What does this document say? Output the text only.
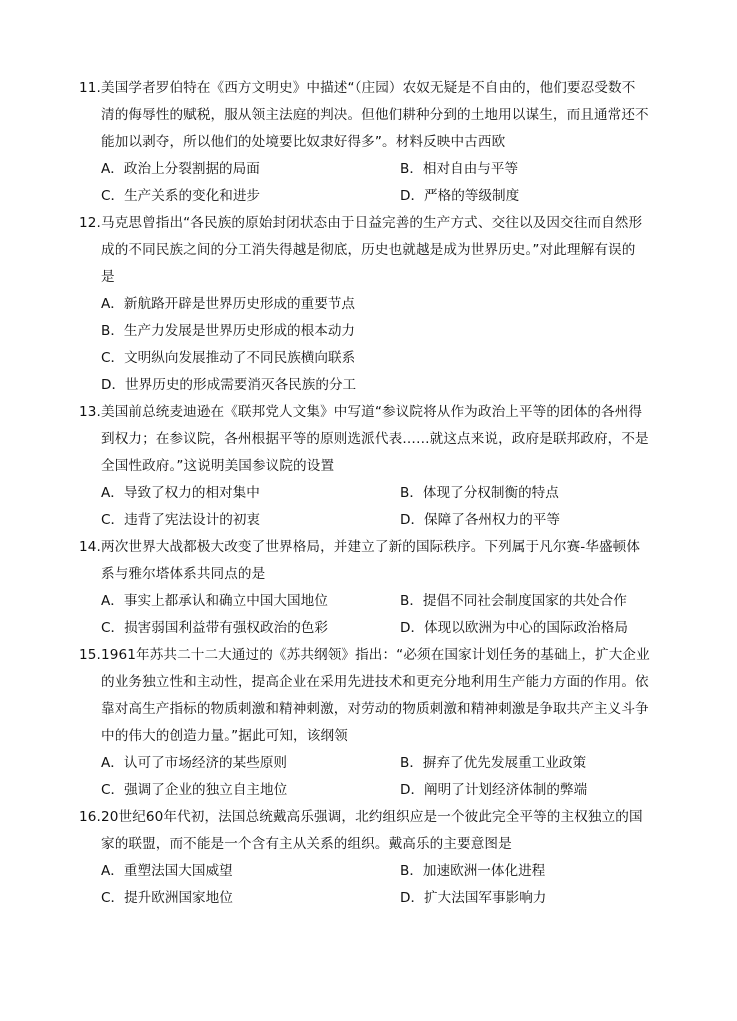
11. 美国学者罗伯特在《西方文明史》中描述“（庄园）农奴无疑是不自由的，他们要忍受数不
清的侮辱性的赋税，服从领主法庭的判决。但他们耕种分到的土地用以谋生，而且通常还不
能加以剥夺，所以他们的处境要比奴隶好得多”。材料反映中古西欧
A．政治上分裂割据的局面	B．相对自由与平等
C．生产关系的变化和进步	D．严格的等级制度
12. 马克思曾指出“各民族的原始封闭状态由于日益完善的生产方式、交往以及因交往而自然形
成的不同民族之间的分工消失得越是彻底，历史也就越是成为世界历史。”对此理解有误的
是
A．新航路开辟是世界历史形成的重要节点
B．生产力发展是世界历史形成的根本动力
C．文明纵向发展推动了不同民族横向联系
D．世界历史的形成需要消灭各民族的分工
13. 美国前总统麦迪逊在《联邦党人文集》中写道“参议院将从作为政治上平等的团体的各州得
到权力；在参议院，各州根据平等的原则选派代表……就这点来说，政府是联邦政府，不是
全国性政府。”这说明美国参议院的设置
A．导致了权力的相对集中	B．体现了分权制衡的特点
C．违背了宪法设计的初衷	D．保障了各州权力的平等
14. 两次世界大战都极大改变了世界格局，并建立了新的国际秩序。下列属于凡尔赛-华盛顿体
系与雅尔塔体系共同点的是
A．事实上都承认和确立中国大国地位	B．提倡不同社会制度国家的共处合作
C．损害弱国利益带有强权政治的色彩	D．体现以欧洲为中心的国际政治格局
15. 1961年苏共二十二大通过的《苏共纲领》指出：“必须在国家计划任务的基础上，扩大企业
的业务独立性和主动性，提高企业在采用先进技术和更充分地利用生产能力方面的作用。依
靠对高生产指标的物质刺激和精神刺激，对劳动的物质刺激和精神刺激是争取共产主义斗争
中的伟大的创造力量。”据此可知，该纲领
A．认可了市场经济的某些原则	B．摒弃了优先发展重工业政策
C．强调了企业的独立自主地位	D．阐明了计划经济体制的弊端
16. 20世纪60年代初，法国总统戴高乐强调，北约组织应是一个彼此完全平等的主权独立的国
家的联盟，而不能是一个含有主从关系的组织。戴高乐的主要意图是
A．重塑法国大国威望	B．加速欧洲一体化进程
C．提升欧洲国家地位	D．扩大法国军事影响力
